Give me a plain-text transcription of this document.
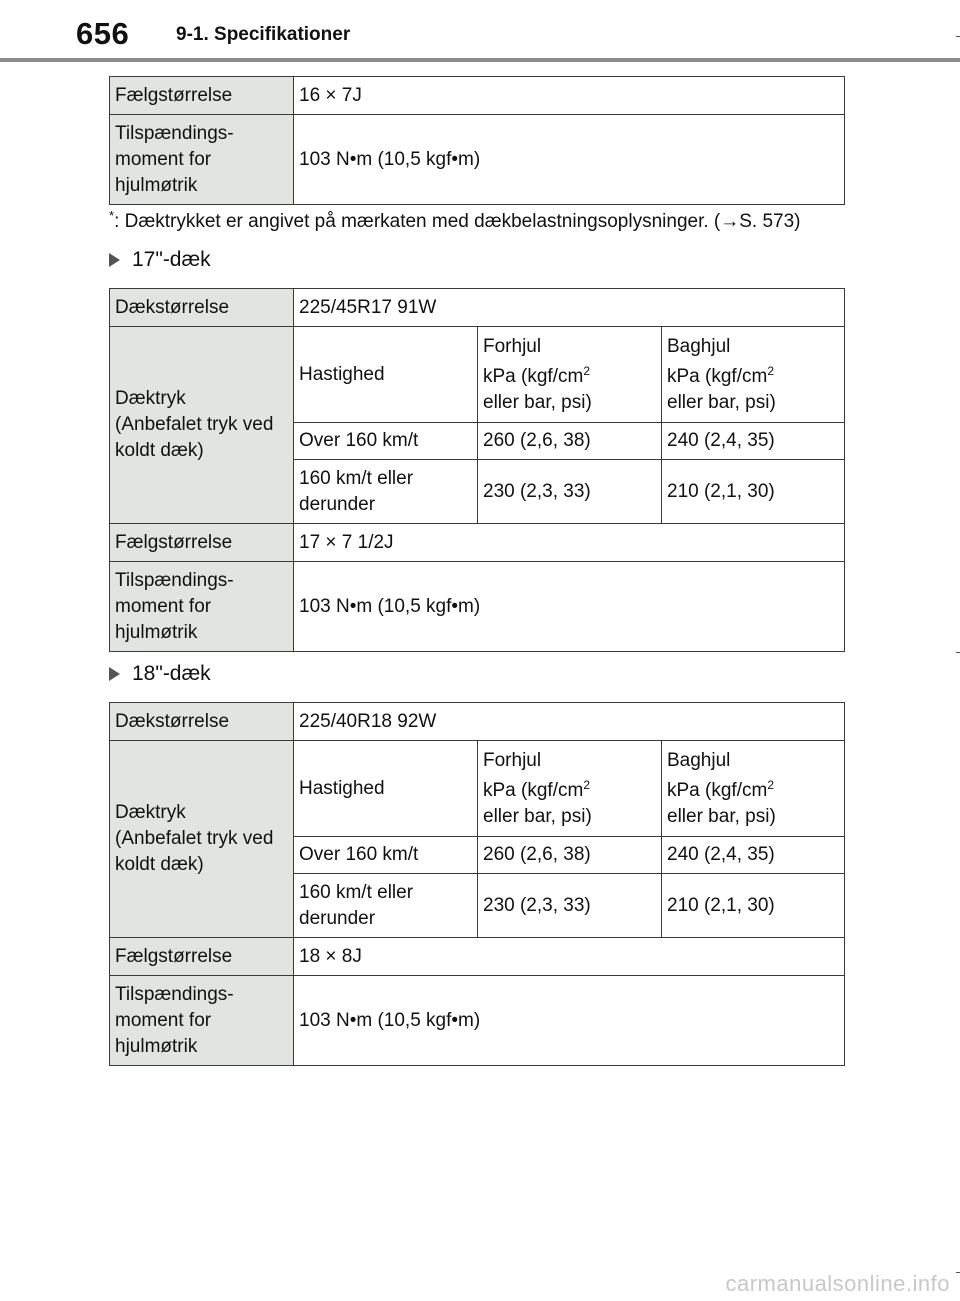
656 9-1. Specifikationer
Fælgstørrelse	16 × 7J

Tilspændings-
moment for
hjulmøtrik	103 N•m (10,5 kgf•m)
*: Dæktrykket er angivet på mærkaten med dækbelastningsoplysninger. (→S. 573)
17"-dæk
Dækstørrelse	225/45R17 91W		

Dæktryk
(Anbefalet tryk ved
koldt dæk)	Hastighed	Forhjul
kPa ($kgf/cm^2$
eller bar, psi)	Baghjul
kPa ($kgf/cm^2$
eller bar, psi)

	Over 160 km/t	260 (2,6, 38)	240 (2,4, 35)

	160 km/t eller
derunder	230 (2,3, 33)	210 (2,1, 30)
Fælgstørrelse	17 × 7 1/2J		

Tilspændings-
moment for
hjulmøtrik	103 N•m (10,5 kgf•m)		
18"-dæk
Dækstørrelse	225/40R18 92W		

Dæktryk
(Anbefalet tryk ved
koldt dæk)	Hastighed	Forhjul
kPa ($kgf/cm^2$
eller bar, psi)	Baghjul
kPa ($kgf/cm^2$
eller bar, psi)

	Over 160 km/t	260 (2,6, 38)	240 (2,4, 35)

	160 km/t eller
derunder	230 (2,3, 33)	210 (2,1, 30)
Fælgstørrelse	18 × 8J		

Tilspændings-
moment for
hjulmøtrik	103 N•m (10,5 kgf•m)		
carmanualsonline.info
